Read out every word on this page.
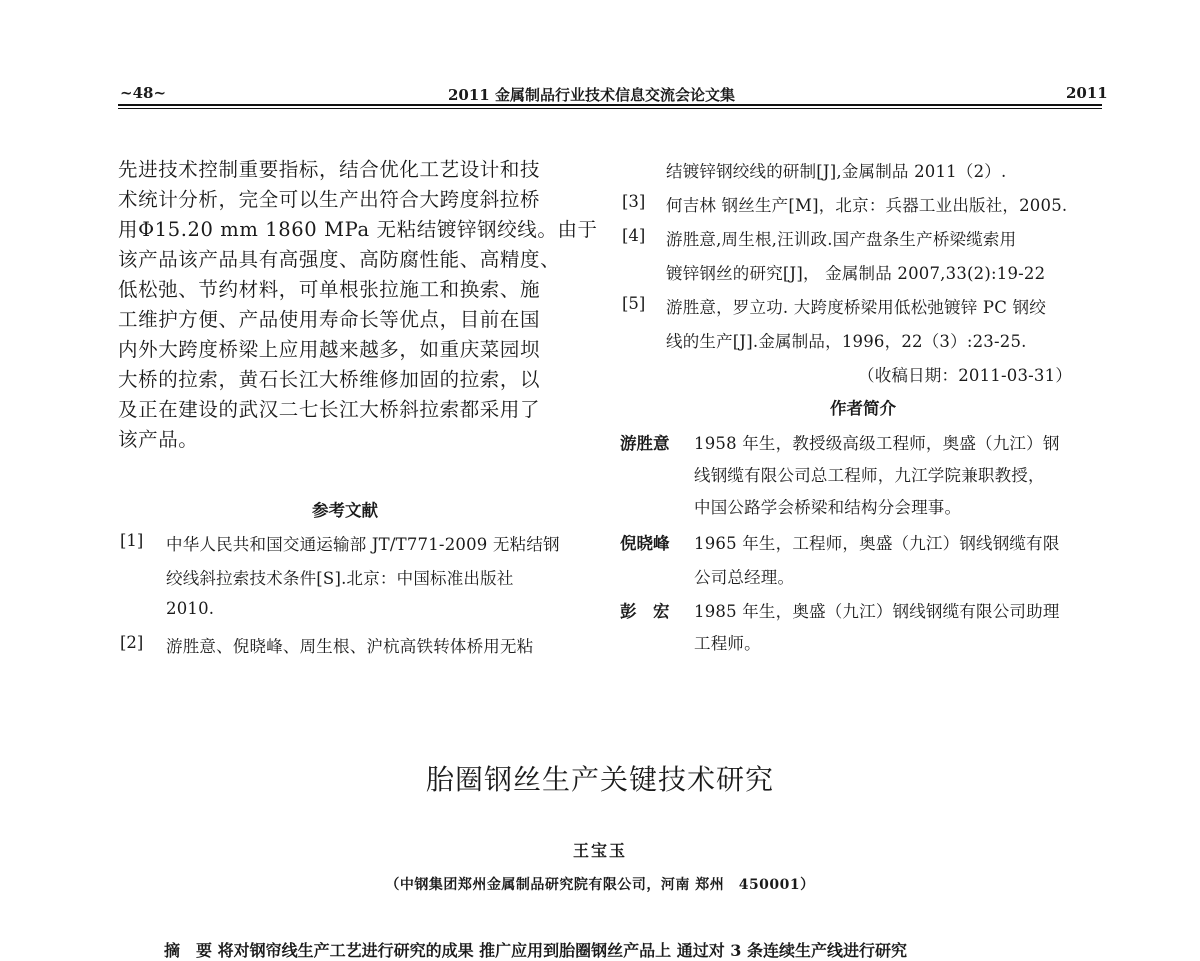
~48~	2011 金属制品行业技术信息交流会论文集	2011
先进技术控制重要指标，结合优化工艺设计和技
术统计分析，完全可以生产出符合大跨度斜拉桥
用Φ15.20 mm 1860 MPa 无粘结镀锌钢绞线。由于
该产品该产品具有高强度、高防腐性能、高精度、
低松弛、节约材料，可单根张拉施工和换索、施
工维护方便、产品使用寿命长等优点，目前在国
内外大跨度桥梁上应用越来越多，如重庆菜园坝
大桥的拉索，黄石长江大桥维修加固的拉索，以
及正在建设的武汉二七长江大桥斜拉索都采用了
该产品。
参考文献
[1] 中华人民共和国交通运输部 JT/T771-2009 无粘结钢
绞线斜拉索技术条件[S].北京：中国标准出版社
2010.
[2] 游胜意、倪晓峰、周生根、沪杭高铁转体桥用无粘
结镀锌钢绞线的研制[J],金属制品 2011（2）.
[3] 何吉林 钢丝生产[M]，北京：兵器工业出版社，2005.
[4] 游胜意,周生根,汪训政.国产盘条生产桥梁缆索用
镀锌钢丝的研究[J]， 金属制品 2007,33(2):19-22
[5] 游胜意，罗立功. 大跨度桥梁用低松弛镀锌 PC 钢绞
线的生产[J].金属制品，1996，22（3）:23-25.
（收稿日期：2011-03-31）
作者简介
游胜意 1958 年生，教授级高级工程师，奥盛（九江）钢
线钢缆有限公司总工程师，九江学院兼职教授，
中国公路学会桥梁和结构分会理事。
倪晓峰 1965 年生，工程师，奥盛（九江）钢线钢缆有限
公司总经理。
彭　宏 1985 年生，奥盛（九江）钢线钢缆有限公司助理
工程师。
胎圈钢丝生产关键技术研究
王宝玉
（中钢集团郑州金属制品研究院有限公司，河南 郑州　450001）
摘　要 将对钢帘线生产工艺进行研究的成果 推广应用到胎圈钢丝产品上 通过对 3 条连续生产线进行研究
